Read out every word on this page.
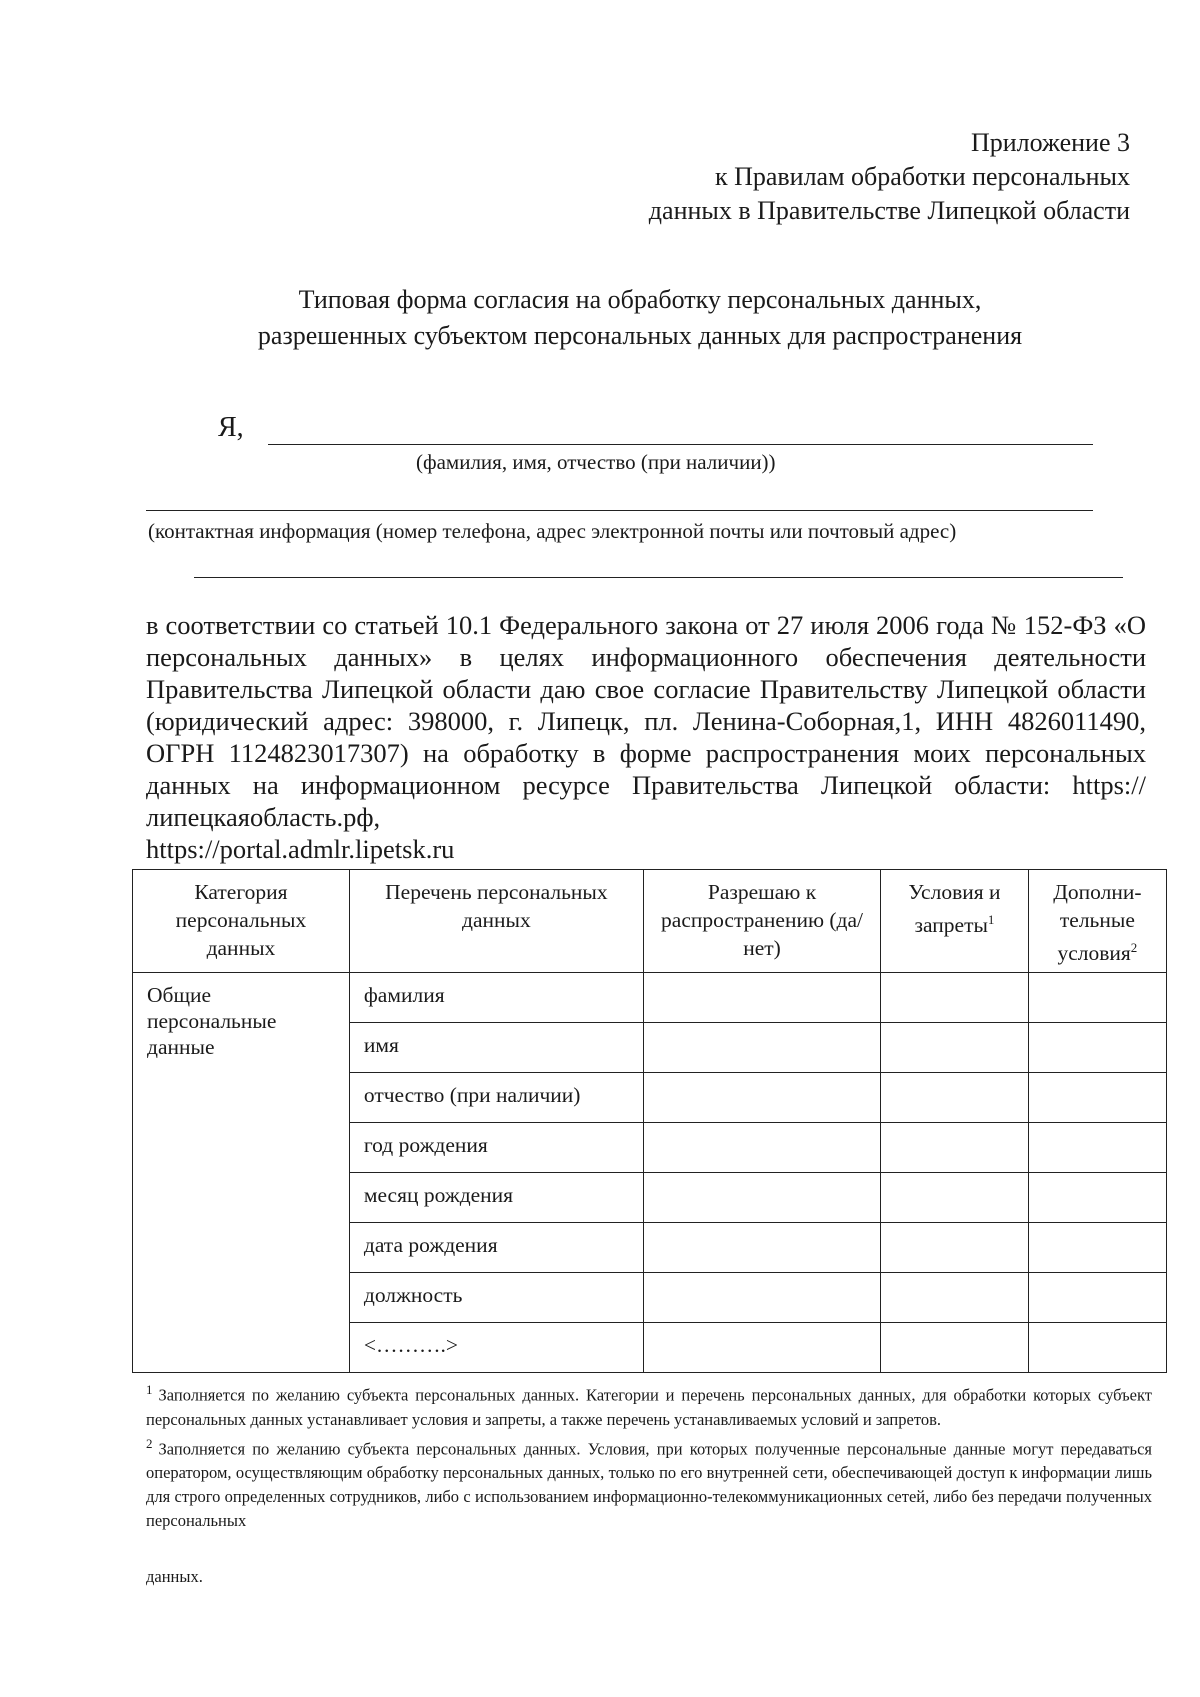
Приложение 3
к Правилам обработки персональных
данных в Правительстве Липецкой области
Типовая форма согласия на обработку персональных данных,
разрешенных субъектом персональных данных для распространения
Я,
(фамилия, имя, отчество (при наличии))
(контактная информация (номер телефона, адрес электронной почты или почтовый адрес)
в соответствии со статьей 10.1 Федерального закона от 27 июля 2006 года № 152-ФЗ «О персональных данных» в целях информационного обеспечения деятельности Правительства Липецкой области даю свое согласие Правительству Липецкой области (юридический адрес: 398000, г. Липецк, пл. Ленина-Соборная,1, ИНН 4826011490, ОГРН 1124823017307) на обработку в форме распространения моих персональных данных на информационном ресурсе Правительства Липецкой области: https://липецкаяобласть.рф,
https://portal.admlr.lipetsk.ru
Категория персональных данных	Перечень персональных данных	Разрешаю к распространению (да/нет)	Условия и запреты$^1$	Дополни-тельные условия$^2$
Общие персональные данные	фамилия			
	имя			
	отчество (при наличии)			
	год рождения			
	месяц рождения			
	дата рождения			
	должность			
	<……….>			

$^1$ Заполняется по желанию субъекта персональных данных. Категории и перечень персональных данных, для обработки которых субъект персональных данных устанавливает условия и запреты, а также перечень устанавливаемых условий и запретов.

$^2$ Заполняется по желанию субъекта персональных данных. Условия, при которых полученные персональные данные могут передаваться оператором, осуществляющим обработку персональных данных, только по его внутренней сети, обеспечивающей доступ к информации лишь для строго определенных сотрудников, либо с использованием информационно-телекоммуникационных сетей, либо без передачи полученных персональных

данных.
